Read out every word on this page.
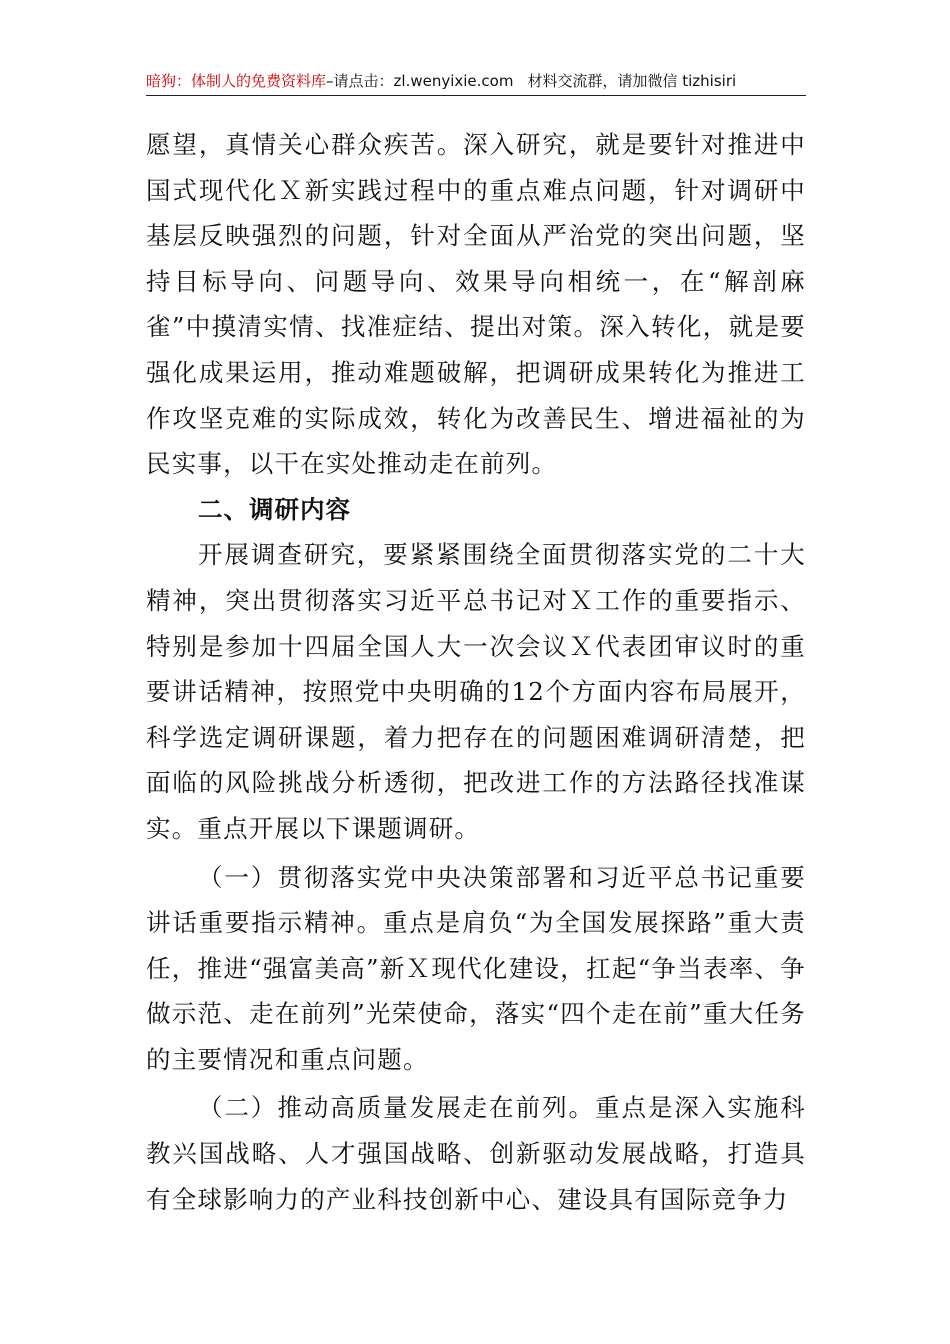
暗狗：体制人的免费资料库–请点击：zl.wenyixie.com 材料交流群，请加微信 tizhisiri

愿望，真情关心群众疾苦。深入研究，就是要针对推进中国式现代化Ｘ新实践过程中的重点难点问题，针对调研中基层反映强烈的问题，针对全面从严治党的突出问题，坚持目标导向、问题导向、效果导向相统一，在“解剖麻雀”中摸清实情、找准症结、提出对策。深入转化，就是要强化成果运用，推动难题破解，把调研成果转化为推进工作攻坚克难的实际成效，转化为改善民生、增进福祉的为民实事，以干在实处推动走在前列。

二、调研内容

开展调查研究，要紧紧围绕全面贯彻落实党的二十大精神，突出贯彻落实习近平总书记对Ｘ工作的重要指示、特别是参加十四届全国人大一次会议Ｘ代表团审议时的重要讲话精神，按照党中央明确的12个方面内容布局展开，科学选定调研课题，着力把存在的问题困难调研清楚，把面临的风险挑战分析透彻，把改进工作的方法路径找准谋实。重点开展以下课题调研。

（一）贯彻落实党中央决策部署和习近平总书记重要讲话重要指示精神。重点是肩负“为全国发展探路”重大责任，推进“强富美高”新Ｘ现代化建设，扛起“争当表率、争做示范、走在前列”光荣使命，落实“四个走在前”重大任务的主要情况和重点问题。

（二）推动高质量发展走在前列。重点是深入实施科教兴国战略、人才强国战略、创新驱动发展战略，打造具有全球影响力的产业科技创新中心、建设具有国际竞争力
